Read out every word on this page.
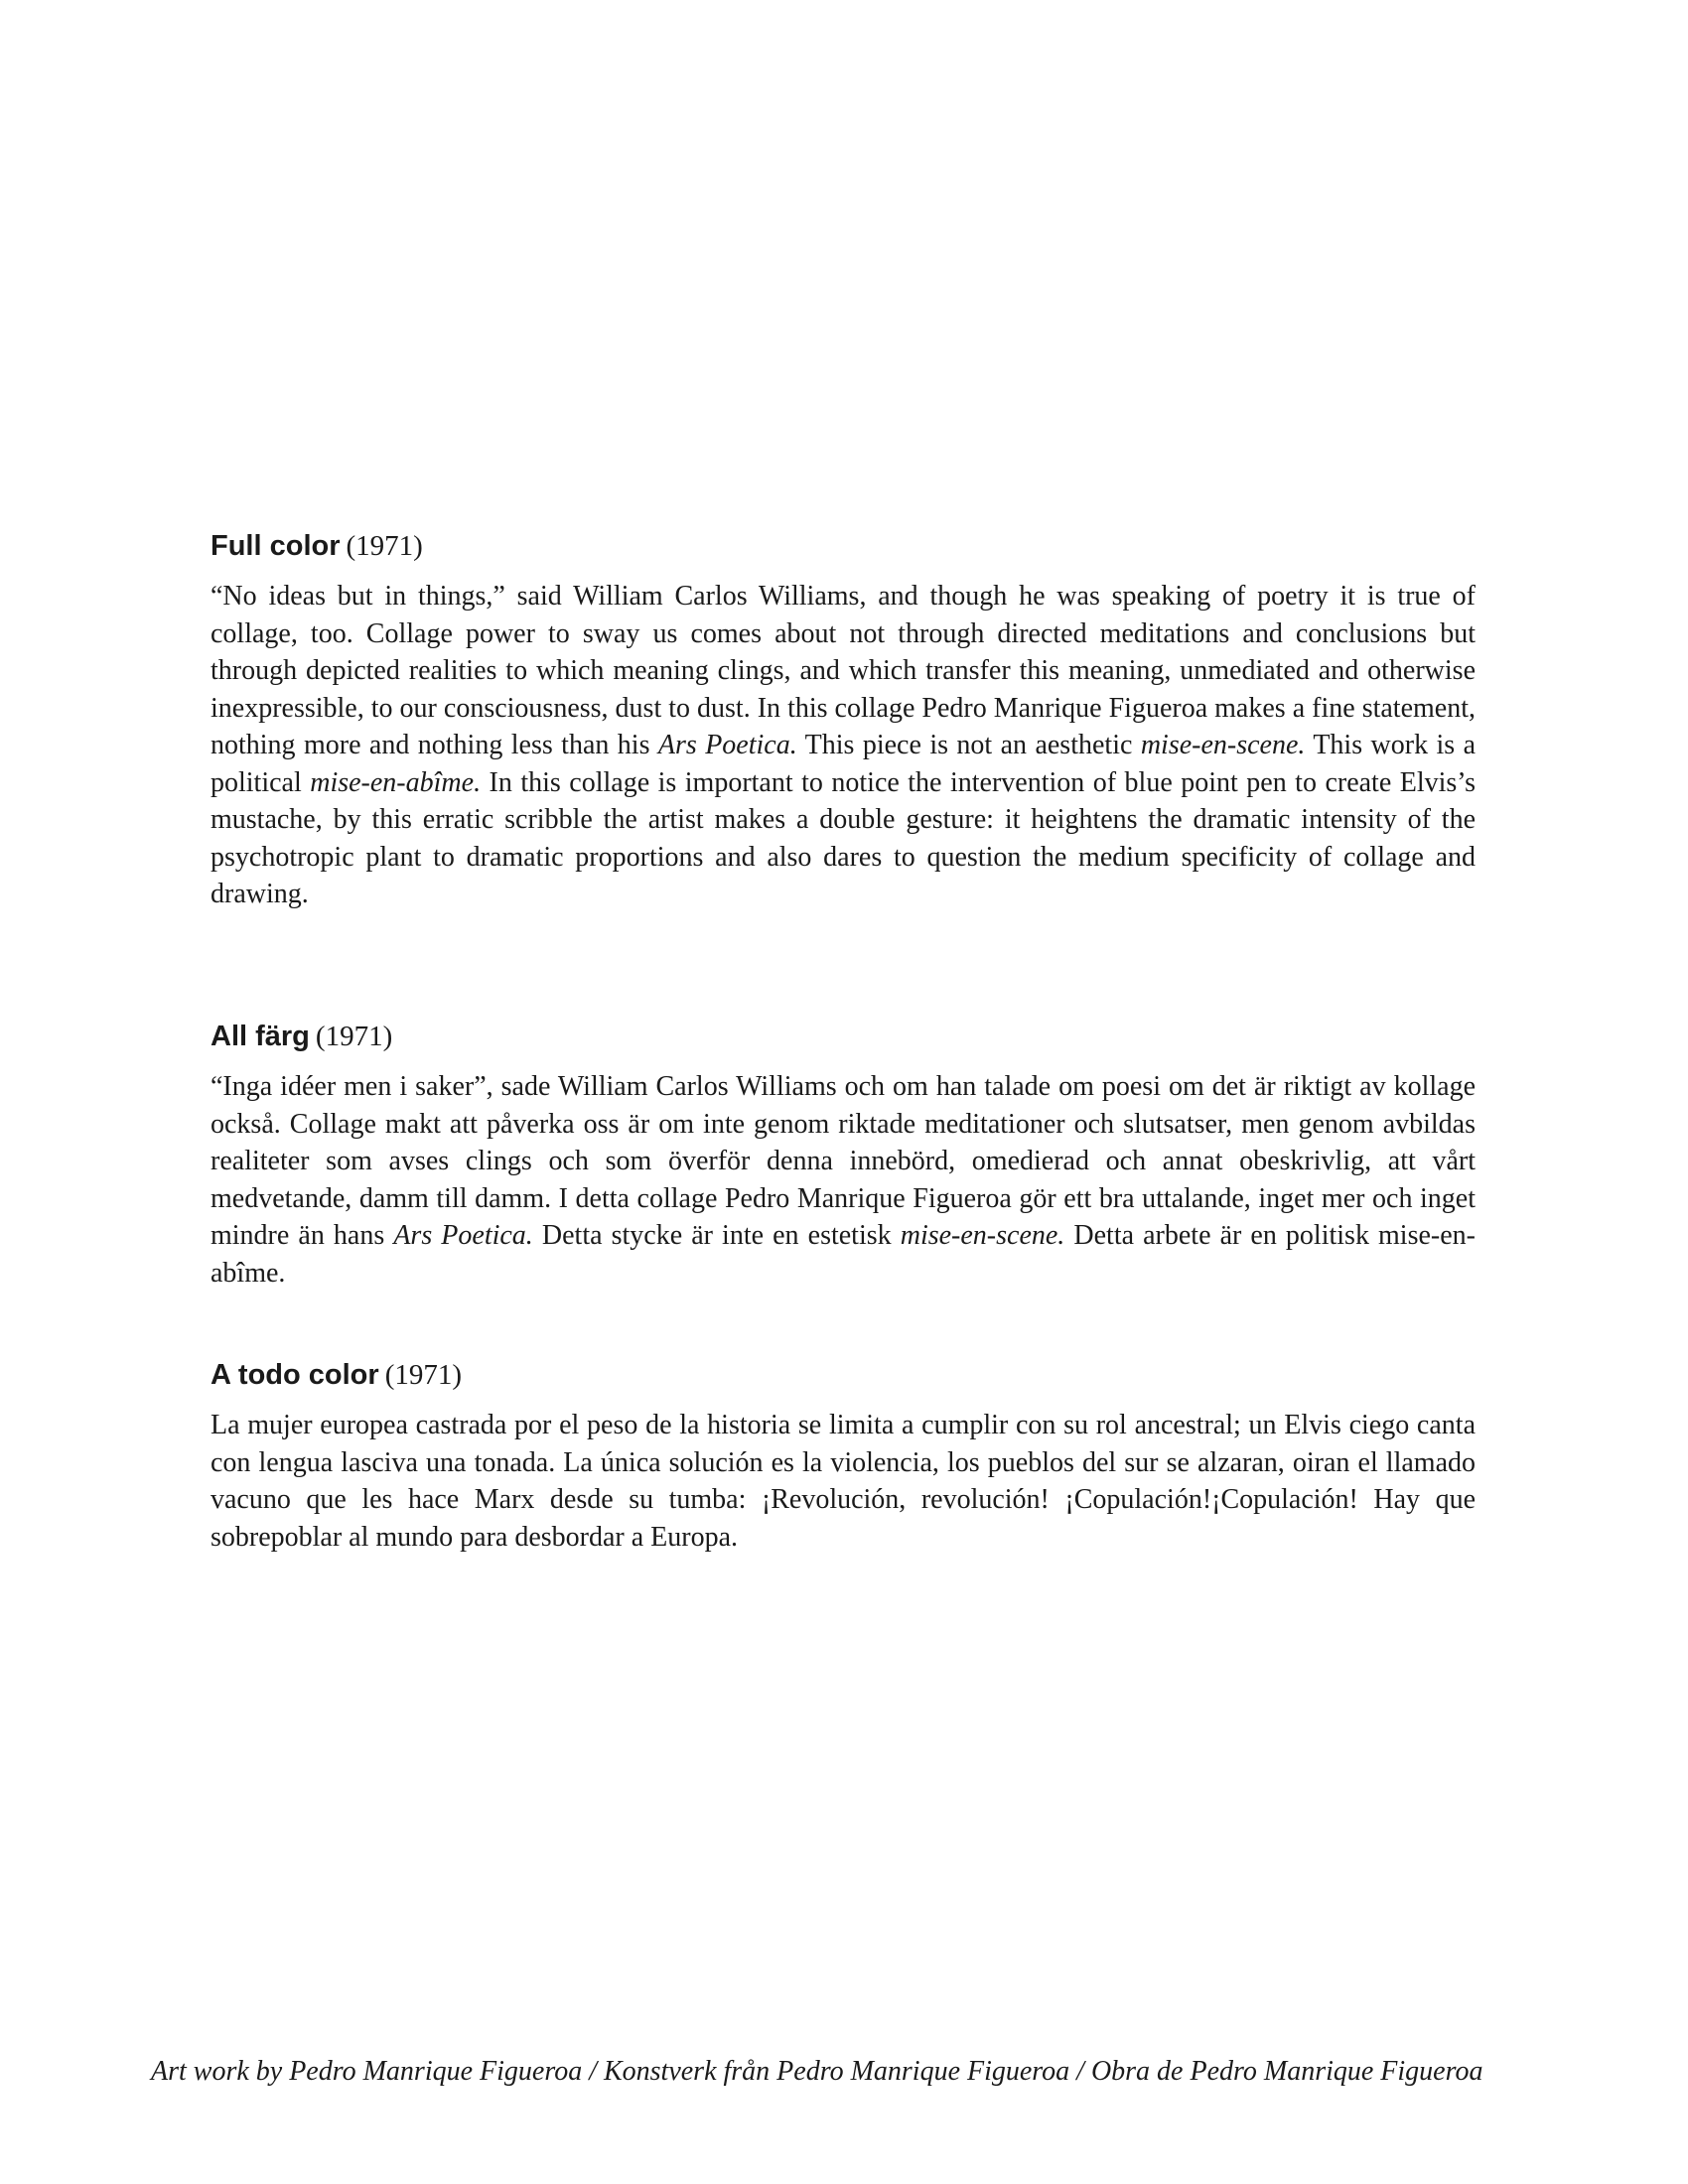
Full color (1971)

“No ideas but in things,” said William Carlos Williams, and though he was speaking of poetry it is true of collage, too. Collage power to sway us comes about not through directed meditations and conclusions but through depicted realities to which meaning clings, and which transfer this meaning, unmediated and otherwise inexpressible, to our consciousness, dust to dust. In this collage Pedro Manrique Figueroa makes a fine statement, nothing more and nothing less than his Ars Poetica. This piece is not an aesthetic mise-en-scene. This work is a political mise-en-abîme. In this collage is important to notice the intervention of blue point pen to create Elvis’s mustache, by this erratic scribble the artist makes a double gesture: it heightens the dramatic intensity of the psychotropic plant to dramatic proportions and also dares to question the medium specificity of collage and drawing.

All färg (1971)

“Inga idéer men i saker”, sade William Carlos Williams och om han talade om poesi om det är riktigt av kollage också. Collage makt att påverka oss är om inte genom riktade meditationer och slutsatser, men genom avbildas realiteter som avses clings och som överför denna innebörd, omedierad och annat obeskrivlig, att vårt medvetande, damm till damm. I detta collage Pedro Manrique Figueroa gör ett bra uttalande, inget mer och inget mindre än hans Ars Poetica. Detta stycke är inte en estetisk mise-en-scene. Detta arbete är en politisk mise-en-abîme.

A todo color (1971)

La mujer europea castrada por el peso de la historia se limita a cumplir con su rol ancestral; un Elvis ciego canta con lengua lasciva una tonada. La única solución es la violencia, los pueblos del sur se alzaran, oiran el llamado vacuno que les hace Marx desde su tumba: ¡Revolución, revolución! ¡Copulación!¡Copulación! Hay que sobrepoblar al mundo para desbordar a Europa.

Art work by Pedro Manrique Figueroa / Konstverk från Pedro Manrique Figueroa / Obra de Pedro Manrique Figueroa
